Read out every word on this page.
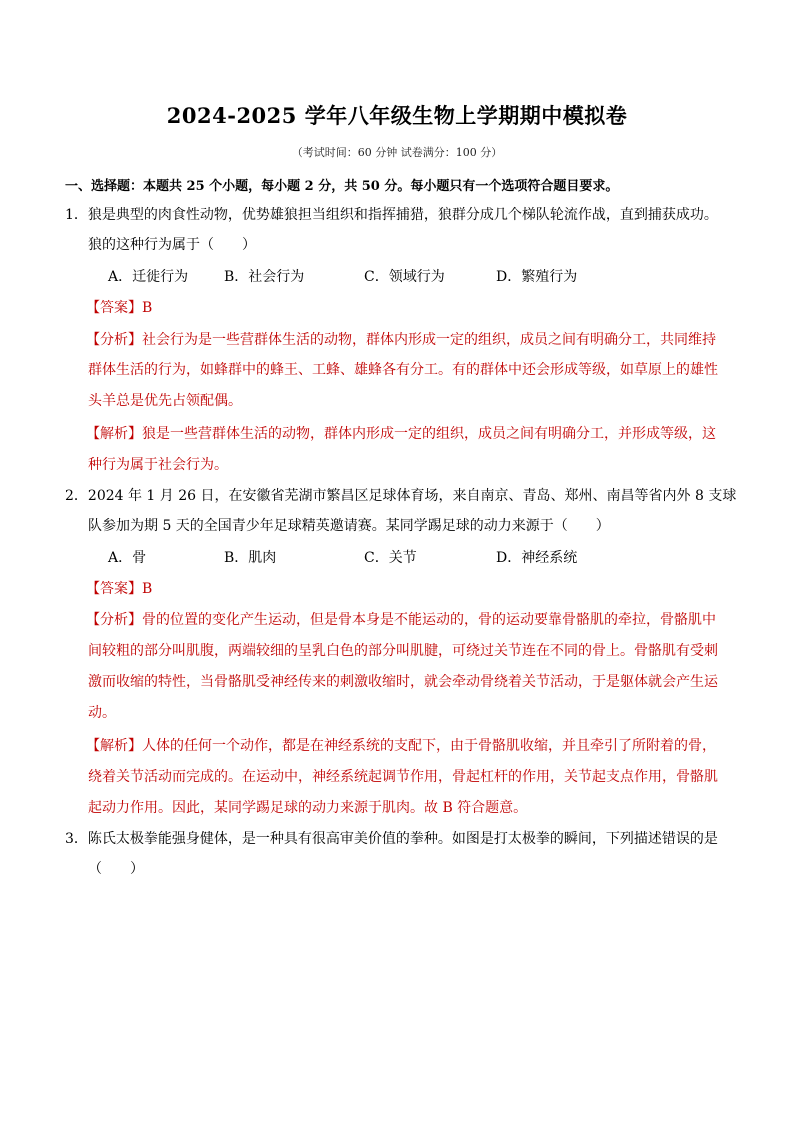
2024-2025 学年八年级生物上学期期中模拟卷
（考试时间：60 分钟 试卷满分：100 分）
一、选择题：本题共 25 个小题，每小题 2 分，共 50 分。每小题只有一个选项符合题目要求。
1．狼是典型的肉食性动物，优势雄狼担当组织和指挥捕猎，狼群分成几个梯队轮流作战，直到捕获成功。
狼的这种行为属于（　　）
A．迁徙行为	B．社会行为	C．领域行为	D．繁殖行为
【答案】B
【分析】社会行为是一些营群体生活的动物，群体内形成一定的组织，成员之间有明确分工，共同维持
群体生活的行为，如蜂群中的蜂王、工蜂、雄蜂各有分工。有的群体中还会形成等级，如草原上的雄性
头羊总是优先占领配偶。
【解析】狼是一些营群体生活的动物，群体内形成一定的组织，成员之间有明确分工，并形成等级，这
种行为属于社会行为。
2．2024 年 1 月 26 日，在安徽省芜湖市繁昌区足球体育场，来自南京、青岛、郑州、南昌等省内外 8 支球
队参加为期 5 天的全国青少年足球精英邀请赛。某同学踢足球的动力来源于（　　）
A．骨	B．肌肉	C．关节	D．神经系统
【答案】B
【分析】骨的位置的变化产生运动，但是骨本身是不能运动的，骨的运动要靠骨骼肌的牵拉，骨骼肌中
间较粗的部分叫肌腹，两端较细的呈乳白色的部分叫肌腱，可绕过关节连在不同的骨上。骨骼肌有受刺
激而收缩的特性，当骨骼肌受神经传来的刺激收缩时，就会牵动骨绕着关节活动，于是躯体就会产生运
动。
【解析】人体的任何一个动作，都是在神经系统的支配下，由于骨骼肌收缩，并且牵引了所附着的骨，
绕着关节活动而完成的。在运动中，神经系统起调节作用，骨起杠杆的作用，关节起支点作用，骨骼肌
起动力作用。因此，某同学踢足球的动力来源于肌肉。故 B 符合题意。
3．陈氏太极拳能强身健体，是一种具有很高审美价值的拳种。如图是打太极拳的瞬间，下列描述错误的是
（　　）
